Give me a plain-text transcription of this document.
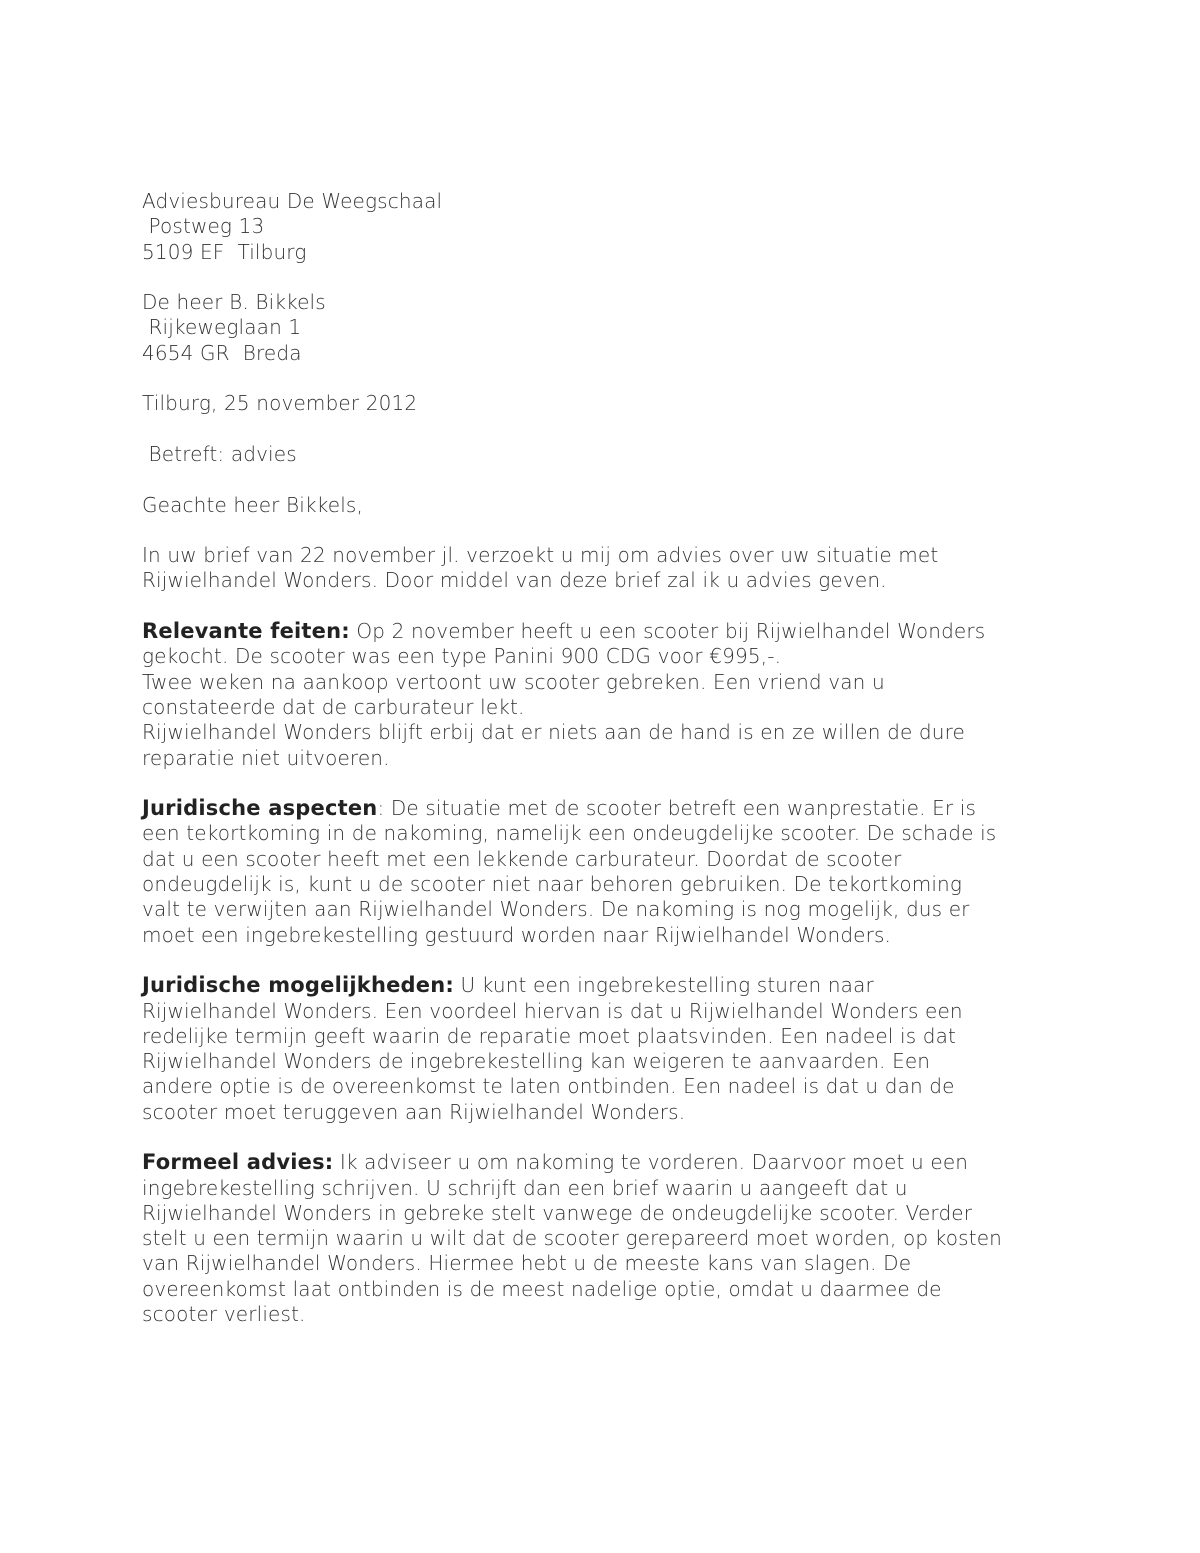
Adviesbureau De Weegschaal
Postweg 13
5109 EF  Tilburg
De heer B. Bikkels
Rijkeweglaan 1
4654 GR  Breda
Tilburg, 25 november 2012
Betreft: advies
Geachte heer Bikkels,
In uw brief van 22 november jl. verzoekt u mij om advies over uw situatie met
Rijwielhandel Wonders. Door middel van deze brief zal ik u advies geven.
Relevante feiten: Op 2 november heeft u een scooter bij Rijwielhandel Wonders
gekocht. De scooter was een type Panini 900 CDG voor €995,-.
Twee weken na aankoop vertoont uw scooter gebreken. Een vriend van u
constateerde dat de carburateur lekt.
Rijwielhandel Wonders blijft erbij dat er niets aan de hand is en ze willen de dure
reparatie niet uitvoeren.
Juridische aspecten: De situatie met de scooter betreft een wanprestatie. Er is
een tekortkoming in de nakoming, namelijk een ondeugdelijke scooter. De schade is
dat u een scooter heeft met een lekkende carburateur. Doordat de scooter
ondeugdelijk is, kunt u de scooter niet naar behoren gebruiken. De tekortkoming
valt te verwijten aan Rijwielhandel Wonders. De nakoming is nog mogelijk, dus er
moet een ingebrekestelling gestuurd worden naar Rijwielhandel Wonders.
Juridische mogelijkheden: U kunt een ingebrekestelling sturen naar
Rijwielhandel Wonders. Een voordeel hiervan is dat u Rijwielhandel Wonders een
redelijke termijn geeft waarin de reparatie moet plaatsvinden. Een nadeel is dat
Rijwielhandel Wonders de ingebrekestelling kan weigeren te aanvaarden. Een
andere optie is de overeenkomst te laten ontbinden. Een nadeel is dat u dan de
scooter moet teruggeven aan Rijwielhandel Wonders.
Formeel advies: Ik adviseer u om nakoming te vorderen. Daarvoor moet u een
ingebrekestelling schrijven. U schrijft dan een brief waarin u aangeeft dat u
Rijwielhandel Wonders in gebreke stelt vanwege de ondeugdelijke scooter. Verder
stelt u een termijn waarin u wilt dat de scooter gerepareerd moet worden, op kosten
van Rijwielhandel Wonders. Hiermee hebt u de meeste kans van slagen. De
overeenkomst laat ontbinden is de meest nadelige optie, omdat u daarmee de
scooter verliest.
